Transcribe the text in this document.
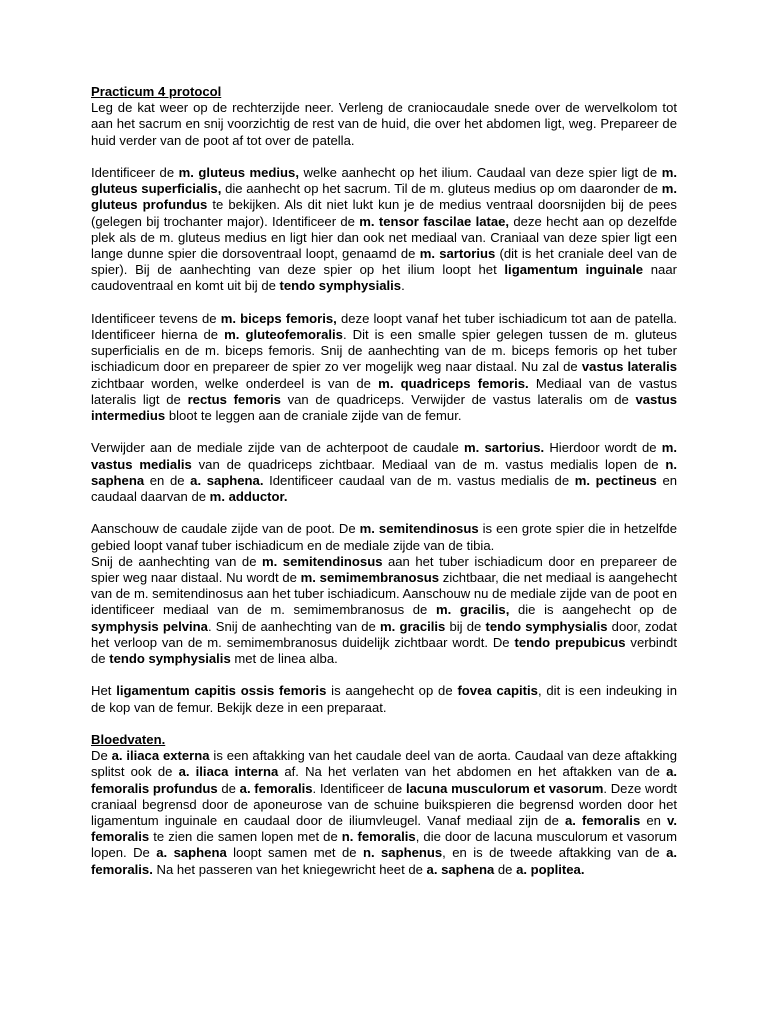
Practicum 4 protocol

Leg de kat weer op de rechterzijde neer. Verleng de craniocaudale snede over de wervelkolom tot aan het sacrum en snij voorzichtig de rest van de huid, die over het abdomen ligt, weg. Prepareer de huid verder van de poot af tot over de patella.

Identificeer de m. gluteus medius, welke aanhecht op het ilium. Caudaal van deze spier ligt de m. gluteus superficialis, die aanhecht op het sacrum. Til de m. gluteus medius op om daaronder de m. gluteus profundus te bekijken. Als dit niet lukt kun je de medius ventraal doorsnijden bij de pees (gelegen bij trochanter major). Identificeer de m. tensor fascilae latae, deze hecht aan op dezelfde plek als de m. gluteus medius en ligt hier dan ook net mediaal van. Craniaal van deze spier ligt een lange dunne spier die dorsoventraal loopt, genaamd de m. sartorius (dit is het craniale deel van de spier). Bij de aanhechting van deze spier op het ilium loopt het ligamentum inguinale naar caudoventraal en komt uit bij de tendo symphysialis.

Identificeer tevens de m. biceps femoris, deze loopt vanaf het tuber ischiadicum tot aan de patella. Identificeer hierna de m. gluteofemoralis. Dit is een smalle spier gelegen tussen de m. gluteus superficialis en de m. biceps femoris. Snij de aanhechting van de m. biceps femoris op het tuber ischiadicum door en prepareer de spier zo ver mogelijk weg naar distaal. Nu zal de vastus lateralis zichtbaar worden, welke onderdeel is van de m. quadriceps femoris. Mediaal van de vastus lateralis ligt de rectus femoris van de quadriceps. Verwijder de vastus lateralis om de vastus intermedius bloot te leggen aan de craniale zijde van de femur.

Verwijder aan de mediale zijde van de achterpoot de caudale m. sartorius. Hierdoor wordt de m. vastus medialis van de quadriceps zichtbaar. Mediaal van de m. vastus medialis lopen de n. saphena en de a. saphena. Identificeer caudaal van de m. vastus medialis de m. pectineus en caudaal daarvan de m. adductor.

Aanschouw de caudale zijde van de poot. De m. semitendinosus is een grote spier die in hetzelfde gebied loopt vanaf tuber ischiadicum en de mediale zijde van de tibia.
Snij de aanhechting van de m. semitendinosus aan het tuber ischiadicum door en prepareer de spier weg naar distaal. Nu wordt de m. semimembranosus zichtbaar, die net mediaal is aangehecht van de m. semitendinosus aan het tuber ischiadicum. Aanschouw nu de mediale zijde van de poot en identificeer mediaal van de m. semimembranosus de m. gracilis, die is aangehecht op de symphysis pelvina. Snij de aanhechting van de m. gracilis bij de tendo symphysialis door, zodat het verloop van de m. semimembranosus duidelijk zichtbaar wordt. De tendo prepubicus verbindt de tendo symphysialis met de linea alba.

Het ligamentum capitis ossis femoris is aangehecht op de fovea capitis, dit is een indeuking in de kop van de femur. Bekijk deze in een preparaat.

Bloedvaten.

De a. iliaca externa is een aftakking van het caudale deel van de aorta. Caudaal van deze aftakking splitst ook de a. iliaca interna af. Na het verlaten van het abdomen en het aftakken van de a. femoralis profundus de a. femoralis. Identificeer de lacuna musculorum et vasorum. Deze wordt craniaal begrensd door de aponeurose van de schuine buikspieren die begrensd worden door het ligamentum inguinale en caudaal door de iliumvleugel. Vanaf mediaal zijn de a. femoralis en v. femoralis te zien die samen lopen met de n. femoralis, die door de lacuna musculorum et vasorum lopen. De a. saphena loopt samen met de n. saphenus, en is de tweede aftakking van de a. femoralis. Na het passeren van het kniegewricht heet de a. saphena de a. poplitea.
